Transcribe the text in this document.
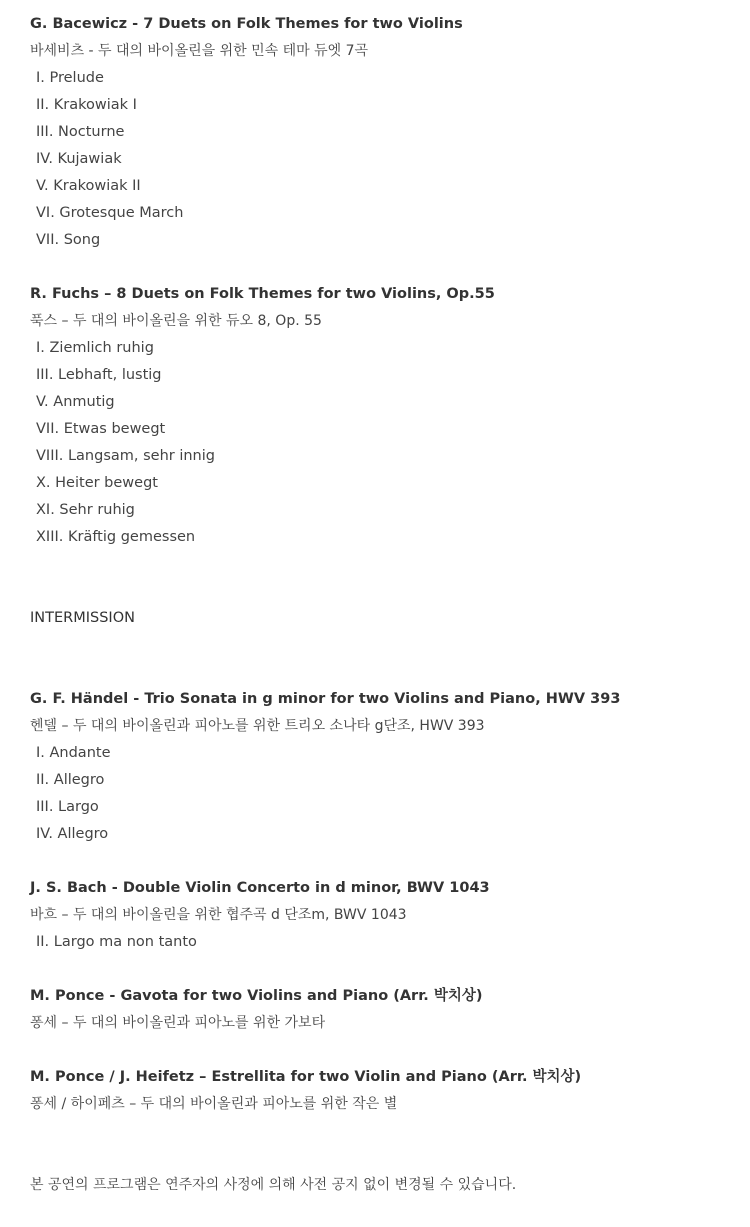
G. Bacewicz - 7 Duets on Folk Themes for two Violins
바세비츠 - 두 대의 바이올린을 위한 민속 테마 듀엣 7곡
I. Prelude
II. Krakowiak I
III. Nocturne
IV. Kujawiak
V. Krakowiak II
VI. Grotesque March
VII. Song
R. Fuchs – 8 Duets on Folk Themes for two Violins, Op.55
푹스 – 두 대의 바이올린을 위한 듀오 8, Op. 55
I. Ziemlich ruhig
III. Lebhaft, lustig
V. Anmutig
VII. Etwas bewegt
VIII. Langsam, sehr innig
X. Heiter bewegt
XI. Sehr ruhig
XIII. Kräftig gemessen
INTERMISSION
G. F. Händel - Trio Sonata in g minor for two Violins and Piano, HWV 393
헨델 – 두 대의 바이올린과 피아노를 위한 트리오 소나타 g단조, HWV 393
I. Andante
II. Allegro
III. Largo
IV. Allegro
J. S. Bach - Double Violin Concerto in d minor, BWV 1043
바흐 – 두 대의 바이올린을 위한 협주곡 d 단조m, BWV 1043
II. Largo ma non tanto
M. Ponce - Gavota for two Violins and Piano (Arr. 박치상)
퐁세 – 두 대의 바이올린과 피아노를 위한 가보타
M. Ponce / J. Heifetz – Estrellita for two Violin and Piano (Arr. 박치상)
퐁세 / 하이페츠 – 두 대의 바이올린과 피아노를 위한 작은 별
본 공연의 프로그램은 연주자의 사정에 의해 사전 공지 없이 변경될 수 있습니다.
